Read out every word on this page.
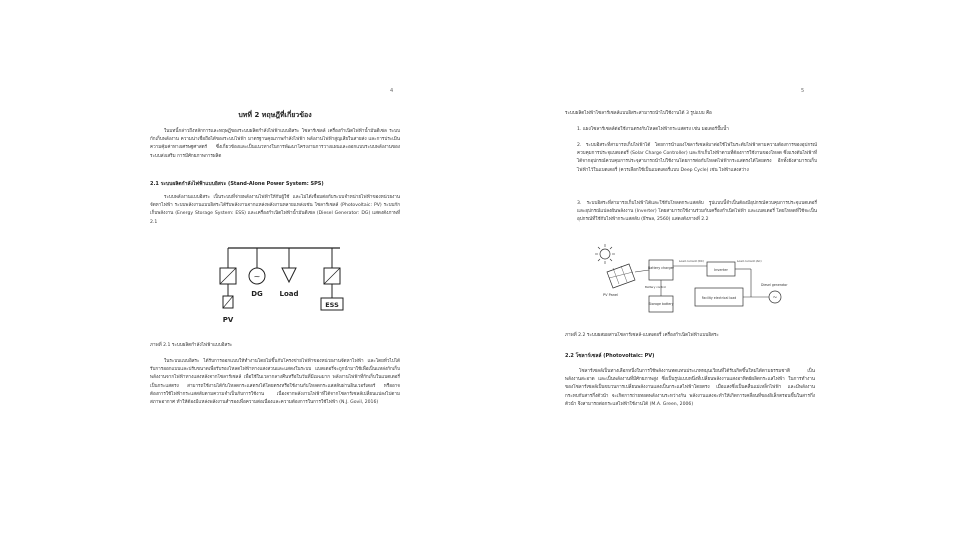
4
บทที่ 2 ทฤษฎีที่เกี่ยวข้อง

ในบทนี้กล่าวถึงหลักการและทฤษฎีของระบบผลิตกำลังไฟฟ้าแบบอิสระ โซลาร์เซลล์ เครื่องกำเนิดไฟฟ้าน้ำมันดีเซล ระบบกักเก็บพลังงาน ความน่าเชื่อถือได้ของระบบไฟฟ้า มาตรฐานคุณภาพกำลังไฟฟ้า พลังงานไฟฟ้าสูญเสียในสายส่ง และการประเมินความคุ้มค่าทางเศรษฐศาสตร์ ซึ่งเกี่ยวข้องและเป็นแนวทางในการพัฒนาโครงงานการวางแผนและออกแบบระบบพลังงานของระบบส่งเสริม การมีศักยภาพการผลิต

2.1 ระบบผลิตกำลังไฟฟ้าแบบอิสระ (Stand-Alone Power System: SPS)

ระบบพลังงานแบบอิสระ เป็นระบบที่จ่ายพลังงานไฟฟ้าให้กับผู้ใช้ และไม่ได้เชื่อมต่อกับระบบจำหน่ายไฟฟ้าของหน่วยงานจัดหาไฟฟ้า ระบบพลังงานแบบอิสระได้รับพลังงานจากแหล่งพลังงานหลายแหล่งเช่น โซลาร์เซลล์ (Photovoltaic: PV) ระบบกักเก็บพลังงาน (Energy Storage System: ESS) และเครื่องกำเนิดไฟฟ้าน้ำมันดีเซล (Diesel Generator: DG) แสดงดังภาพที่ 2.1

PV
~
DG Load
ESS
ภาพที่ 2.1 ระบบผลิตกำลังไฟฟ้าแบบอิสระ

ในระบบแบบอิสระ ได้รับการออกแบบให้ทำงานโดยไม่ขึ้นกับโครงข่ายไฟฟ้าของหน่วยงานจัดหาไฟฟ้า และโดยทั่วไปได้รับการออกแบบและปรับขนาดเพื่อรับรองโหลดไฟฟ้าทางแสงสวนและแสดงในระบบ แบตเตอรี่จะถูกนำมาใช้เพื่อเป็นแหล่งกักเก็บพลังงานจากไฟฟ้าทางแสงหลังจากโซลาร์เซลล์ เพื่อใช้ในเวลากลางคืนหรือในวันที่มีเมฆมาก พลังงานไฟฟ้าที่กักเก็บในแบตเตอรี่เป็นกระแสตรง สามารถใช้งานได้กับโหลดกระแสตรงได้โดยตรงหรือใช้งานกับโหลดกระแสสลับผ่านอินเวอร์เตอร์ หรืออาจต้องการใช้ไฟฟ้ากระแสสลับตามความจำเป็นกับการใช้งาน เนื่องจากพลังงานไฟฟ้าที่ได้จากโซลาร์เซลล์เปลี่ยนแปลงไปตามสภาพอากาศ ทำให้ต้องมีแหล่งพลังงานสำรองเพื่อความต่อเนื่องและความต้องการในการใช้ไฟฟ้า (N.J. Govil, 2016)

5
ระบบผลิตไฟฟ้าโซลาร์เซลล์แบบอิสระสามารถนำไปใช้งานได้ 3 รูปแบบ คือ

1. แผงโซลาร์เซลล์ต่อใช้งานตรงกับโหลดไฟฟ้ากระแสตรง เช่น มอเตอร์ปั๊มน้ำ

2. ระบบอิสระที่สามารถเก็บไฟฟ้าได้ โดยการนำแผงโซลาร์เซลล์มาต่อใช้ไฟในระดับไฟฟ้าตามความต้องการของอุปกรณ์ควบคุมการประจุแบตเตอรี่ (Solar Charge Controller) และกักเก็บไฟฟ้าตามที่ต้องการใช้งานของโหลด ซึ่งแรงดันไฟฟ้าที่ได้จากอุปกรณ์ควบคุมการประจุสามารถนำไปใช้งานโดยการต่อกับโหลดไฟฟ้ากระแสตรงได้โดยตรง อีกทั้งยังสามารถเก็บไฟฟ้าไว้ในแบตเตอรี่ (ควรเลือกใช้เป็นแบตเตอรี่แบบ Deep Cycle) เช่น ไฟฟ้าแสงสว่าง

3. ระบบอิสระที่สามารถเก็บไฟฟ้าได้และใช้กับโหลดกระแสสลับ รูปแบบนี้จำเป็นต้องมีอุปกรณ์ควบคุมการประจุแบตเตอรี่และอุปกรณ์แปลงผันพลังงาน (Inverter) โดยสามารถใช้งานร่วมกับเครื่องกำเนิดไฟฟ้า และแบตเตอรี่ โดยโหลดที่ใช้จะเป็นอุปกรณ์ที่ใช้กับไฟฟ้ากระแสสลับ (ธีรพล, 2560) แสดงดังภาพที่ 2.2

PV Panel
Battery charger	Inverter
Load current (DC)	Load current (AC)
Battery control
Storage battery
Facility electrical load	~
Diesel generator
ภาพที่ 2.2 ระบบผสมผสานโซลาร์เซลล์-แบตเตอรี่ เครื่องกำเนิดไฟฟ้าแบบอิสระ
2.2 โซลาร์เซลล์ (Photovoltaic: PV)

โซลาร์เซลล์เป็นทางเลือกหนึ่งในการใช้พลังงานทดแทนประเภทหมุนเวียนที่ได้รับเกิดขึ้นใหม่ได้ตามธรรมชาติ เป็นพลังงานสะอาด และเป็นพลังงานที่มีศักยภาพสูง ซึ่งเป็นรูปแบบหนึ่งที่เปลี่ยนพลังงานแสงอาทิตย์ผลิตกระแสไฟฟ้า ในการทำงานของโซลาร์เซลล์เป็นขบวนการเปลี่ยนพลังงานแสงเป็นกระแสไฟฟ้าโดยตรง เมื่อแสงซึ่งเป็นคลื่นแม่เหล็กไฟฟ้า และมีพลังงานกระทบกับสารกึ่งตัวนำ จะเกิดการถ่ายทอดพลังงานระหว่างกัน พลังงานแสงจะทำให้เกิดการเคลื่อนที่ของอิเล็กตรอนขึ้นในสารกึ่งตัวนำ จึงสามารถต่อกระแสไฟฟ้าใช้งานได้ (M.A. Green, 2006)
